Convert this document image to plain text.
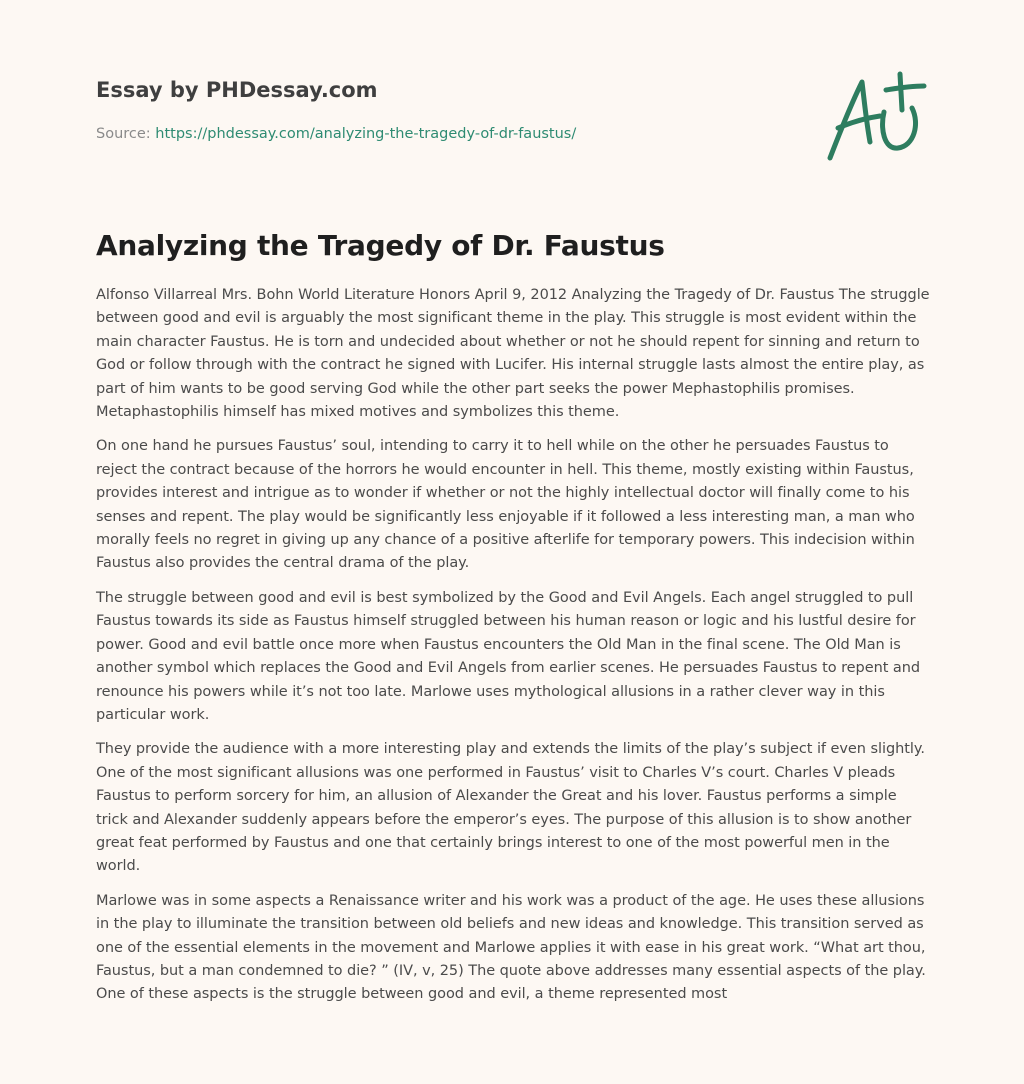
Essay by PHDessay.com
Source: https://phdessay.com/analyzing-the-tragedy-of-dr-faustus/
Analyzing the Tragedy of Dr. Faustus

Alfonso Villarreal Mrs. Bohn World Literature Honors April 9, 2012 Analyzing the Tragedy of Dr. Faustus The struggle between good and evil is arguably the most significant theme in the play. This struggle is most evident within the main character Faustus. He is torn and undecided about whether or not he should repent for sinning and return to God or follow through with the contract he signed with Lucifer. His internal struggle lasts almost the entire play, as part of him wants to be good serving God while the other part seeks the power Mephastophilis promises. Metaphastophilis himself has mixed motives and symbolizes this theme.

On one hand he pursues Faustus’ soul, intending to carry it to hell while on the other he persuades Faustus to reject the contract because of the horrors he would encounter in hell. This theme, mostly existing within Faustus, provides interest and intrigue as to wonder if whether or not the highly intellectual doctor will finally come to his senses and repent. The play would be significantly less enjoyable if it followed a less interesting man, a man who morally feels no regret in giving up any chance of a positive afterlife for temporary powers. This indecision within Faustus also provides the central drama of the play.

The struggle between good and evil is best symbolized by the Good and Evil Angels. Each angel struggled to pull Faustus towards its side as Faustus himself struggled between his human reason or logic and his lustful desire for power. Good and evil battle once more when Faustus encounters the Old Man in the final scene. The Old Man is another symbol which replaces the Good and Evil Angels from earlier scenes. He persuades Faustus to repent and renounce his powers while it’s not too late. Marlowe uses mythological allusions in a rather clever way in this particular work.

They provide the audience with a more interesting play and extends the limits of the play’s subject if even slightly. One of the most significant allusions was one performed in Faustus’ visit to Charles V’s court. Charles V pleads Faustus to perform sorcery for him, an allusion of Alexander the Great and his lover. Faustus performs a simple trick and Alexander suddenly appears before the emperor’s eyes. The purpose of this allusion is to show another great feat performed by Faustus and one that certainly brings interest to one of the most powerful men in the world.

Marlowe was in some aspects a Renaissance writer and his work was a product of the age. He uses these allusions in the play to illuminate the transition between old beliefs and new ideas and knowledge. This transition served as one of the essential elements in the movement and Marlowe applies it with ease in his great work. “What art thou, Faustus, but a man condemned to die? ” (IV, v, 25) The quote above addresses many essential aspects of the play. One of these aspects is the struggle between good and evil, a theme represented most
